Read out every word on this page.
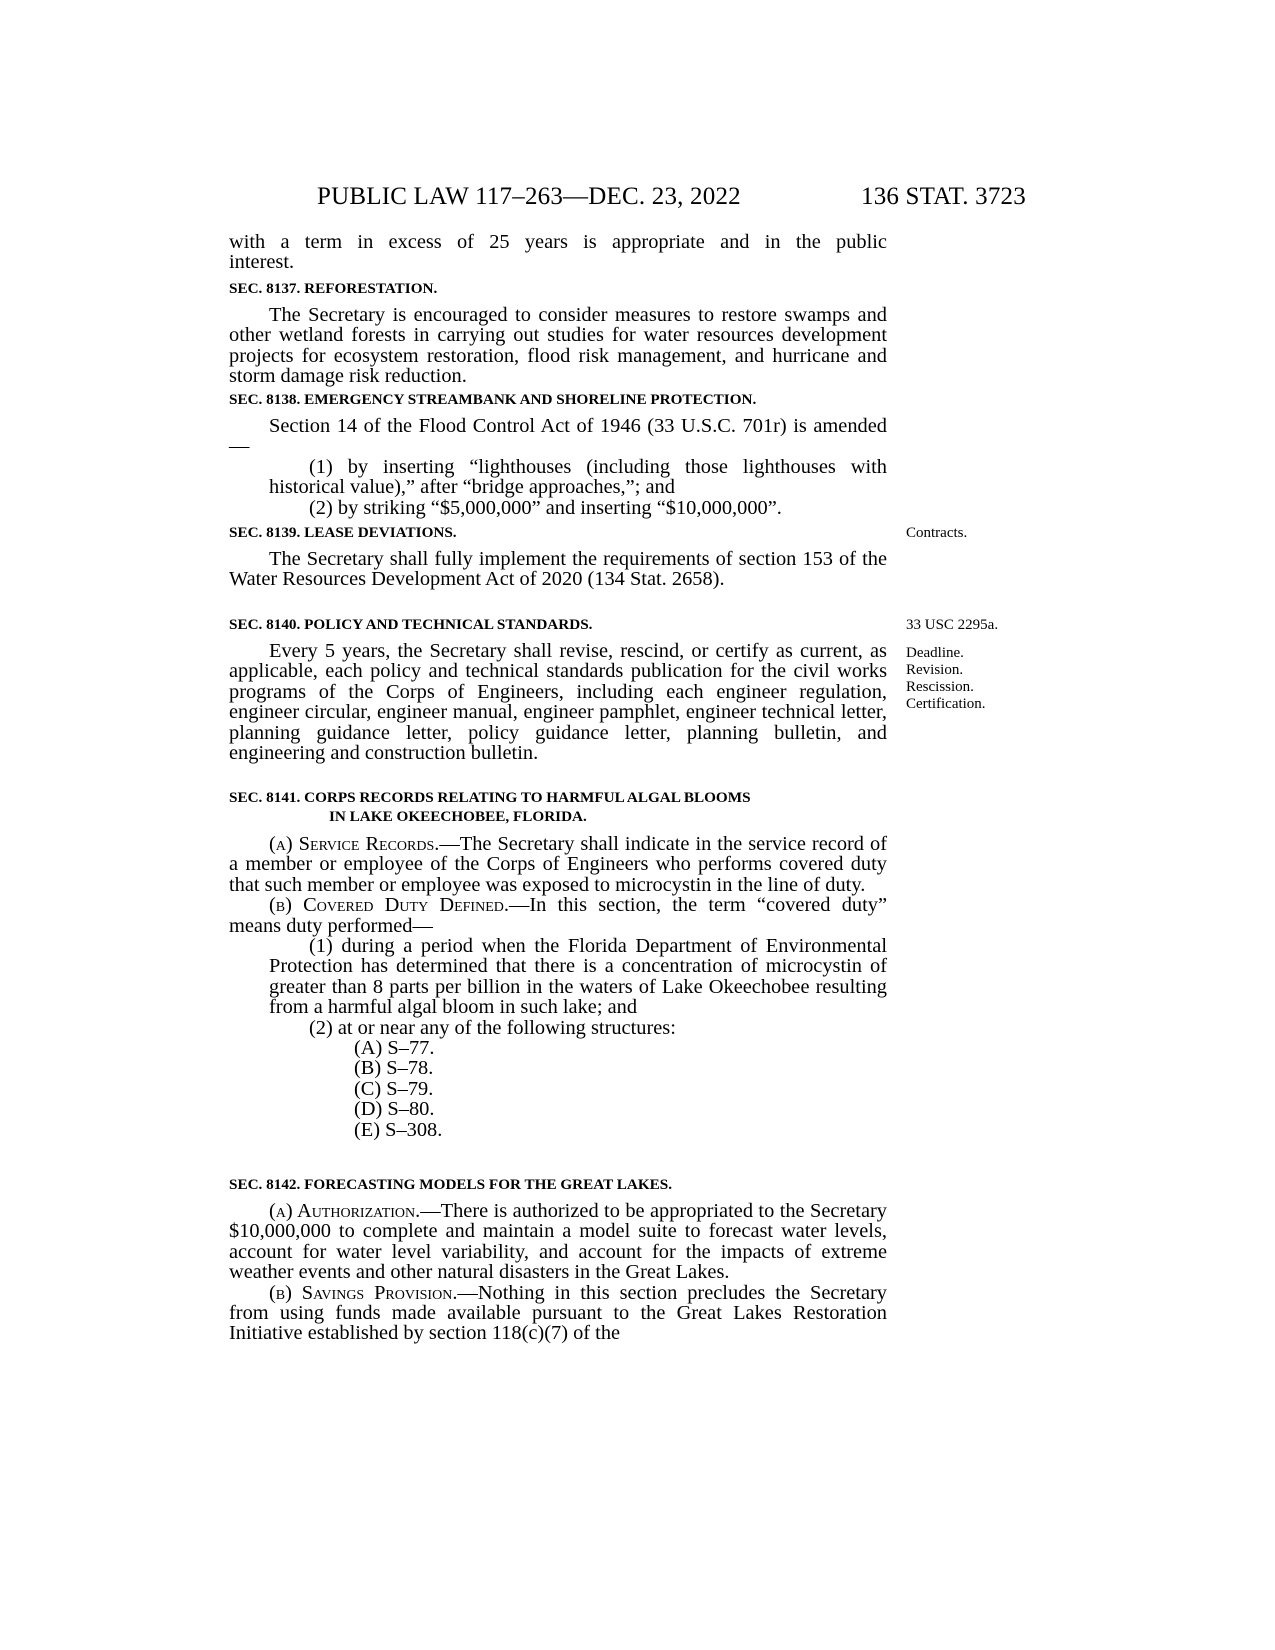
PUBLIC LAW 117–263—DEC. 23, 2022	136 STAT. 3723

with a term in excess of 25 years is appropriate and in the public

interest.

SEC. 8137. REFORESTATION.

The Secretary is encouraged to consider measures to restore swamps and other wetland forests in carrying out studies for water resources development projects for ecosystem restoration, flood risk management, and hurricane and storm damage risk reduction.

SEC. 8138. EMERGENCY STREAMBANK AND SHORELINE PROTECTION.

Section 14 of the Flood Control Act of 1946 (33 U.S.C. 701r) is amended—

(1) by inserting “lighthouses (including those lighthouses with historical value),” after “bridge approaches,”; and

(2) by striking “$5,000,000” and inserting “$10,000,000”.

SEC. 8139. LEASE DEVIATIONS.	Contracts.

The Secretary shall fully implement the requirements of section 153 of the Water Resources Development Act of 2020 (134 Stat. 2658).

SEC. 8140. POLICY AND TECHNICAL STANDARDS.	33 USC 2295a.
Deadline.
Revision.
Rescission.
Certification.

Every 5 years, the Secretary shall revise, rescind, or certify as current, as applicable, each policy and technical standards publication for the civil works programs of the Corps of Engineers, including each engineer regulation, engineer circular, engineer manual, engineer pamphlet, engineer technical letter, planning guidance letter, policy guidance letter, planning bulletin, and engineering and construction bulletin.

SEC. 8141. CORPS RECORDS RELATING TO HARMFUL ALGAL BLOOMS
IN LAKE OKEECHOBEE, FLORIDA.

(a) Service Records.—The Secretary shall indicate in the service record of a member or employee of the Corps of Engineers who performs covered duty that such member or employee was exposed to microcystin in the line of duty.

(b) Covered Duty Defined.—In this section, the term “covered duty” means duty performed—

(1) during a period when the Florida Department of Environmental Protection has determined that there is a concentration of microcystin of greater than 8 parts per billion in the waters of Lake Okeechobee resulting from a harmful algal bloom in such lake; and

(2) at or near any of the following structures:

(A) S–77.
(B) S–78.
(C) S–79.
(D) S–80.
(E) S–308.
SEC. 8142. FORECASTING MODELS FOR THE GREAT LAKES.

(a) Authorization.—There is authorized to be appropriated to the Secretary $10,000,000 to complete and maintain a model suite to forecast water levels, account for water level variability, and account for the impacts of extreme weather events and other natural disasters in the Great Lakes.

(b) Savings Provision.—Nothing in this section precludes the Secretary from using funds made available pursuant to the Great Lakes Restoration Initiative established by section 118(c)(7) of the
